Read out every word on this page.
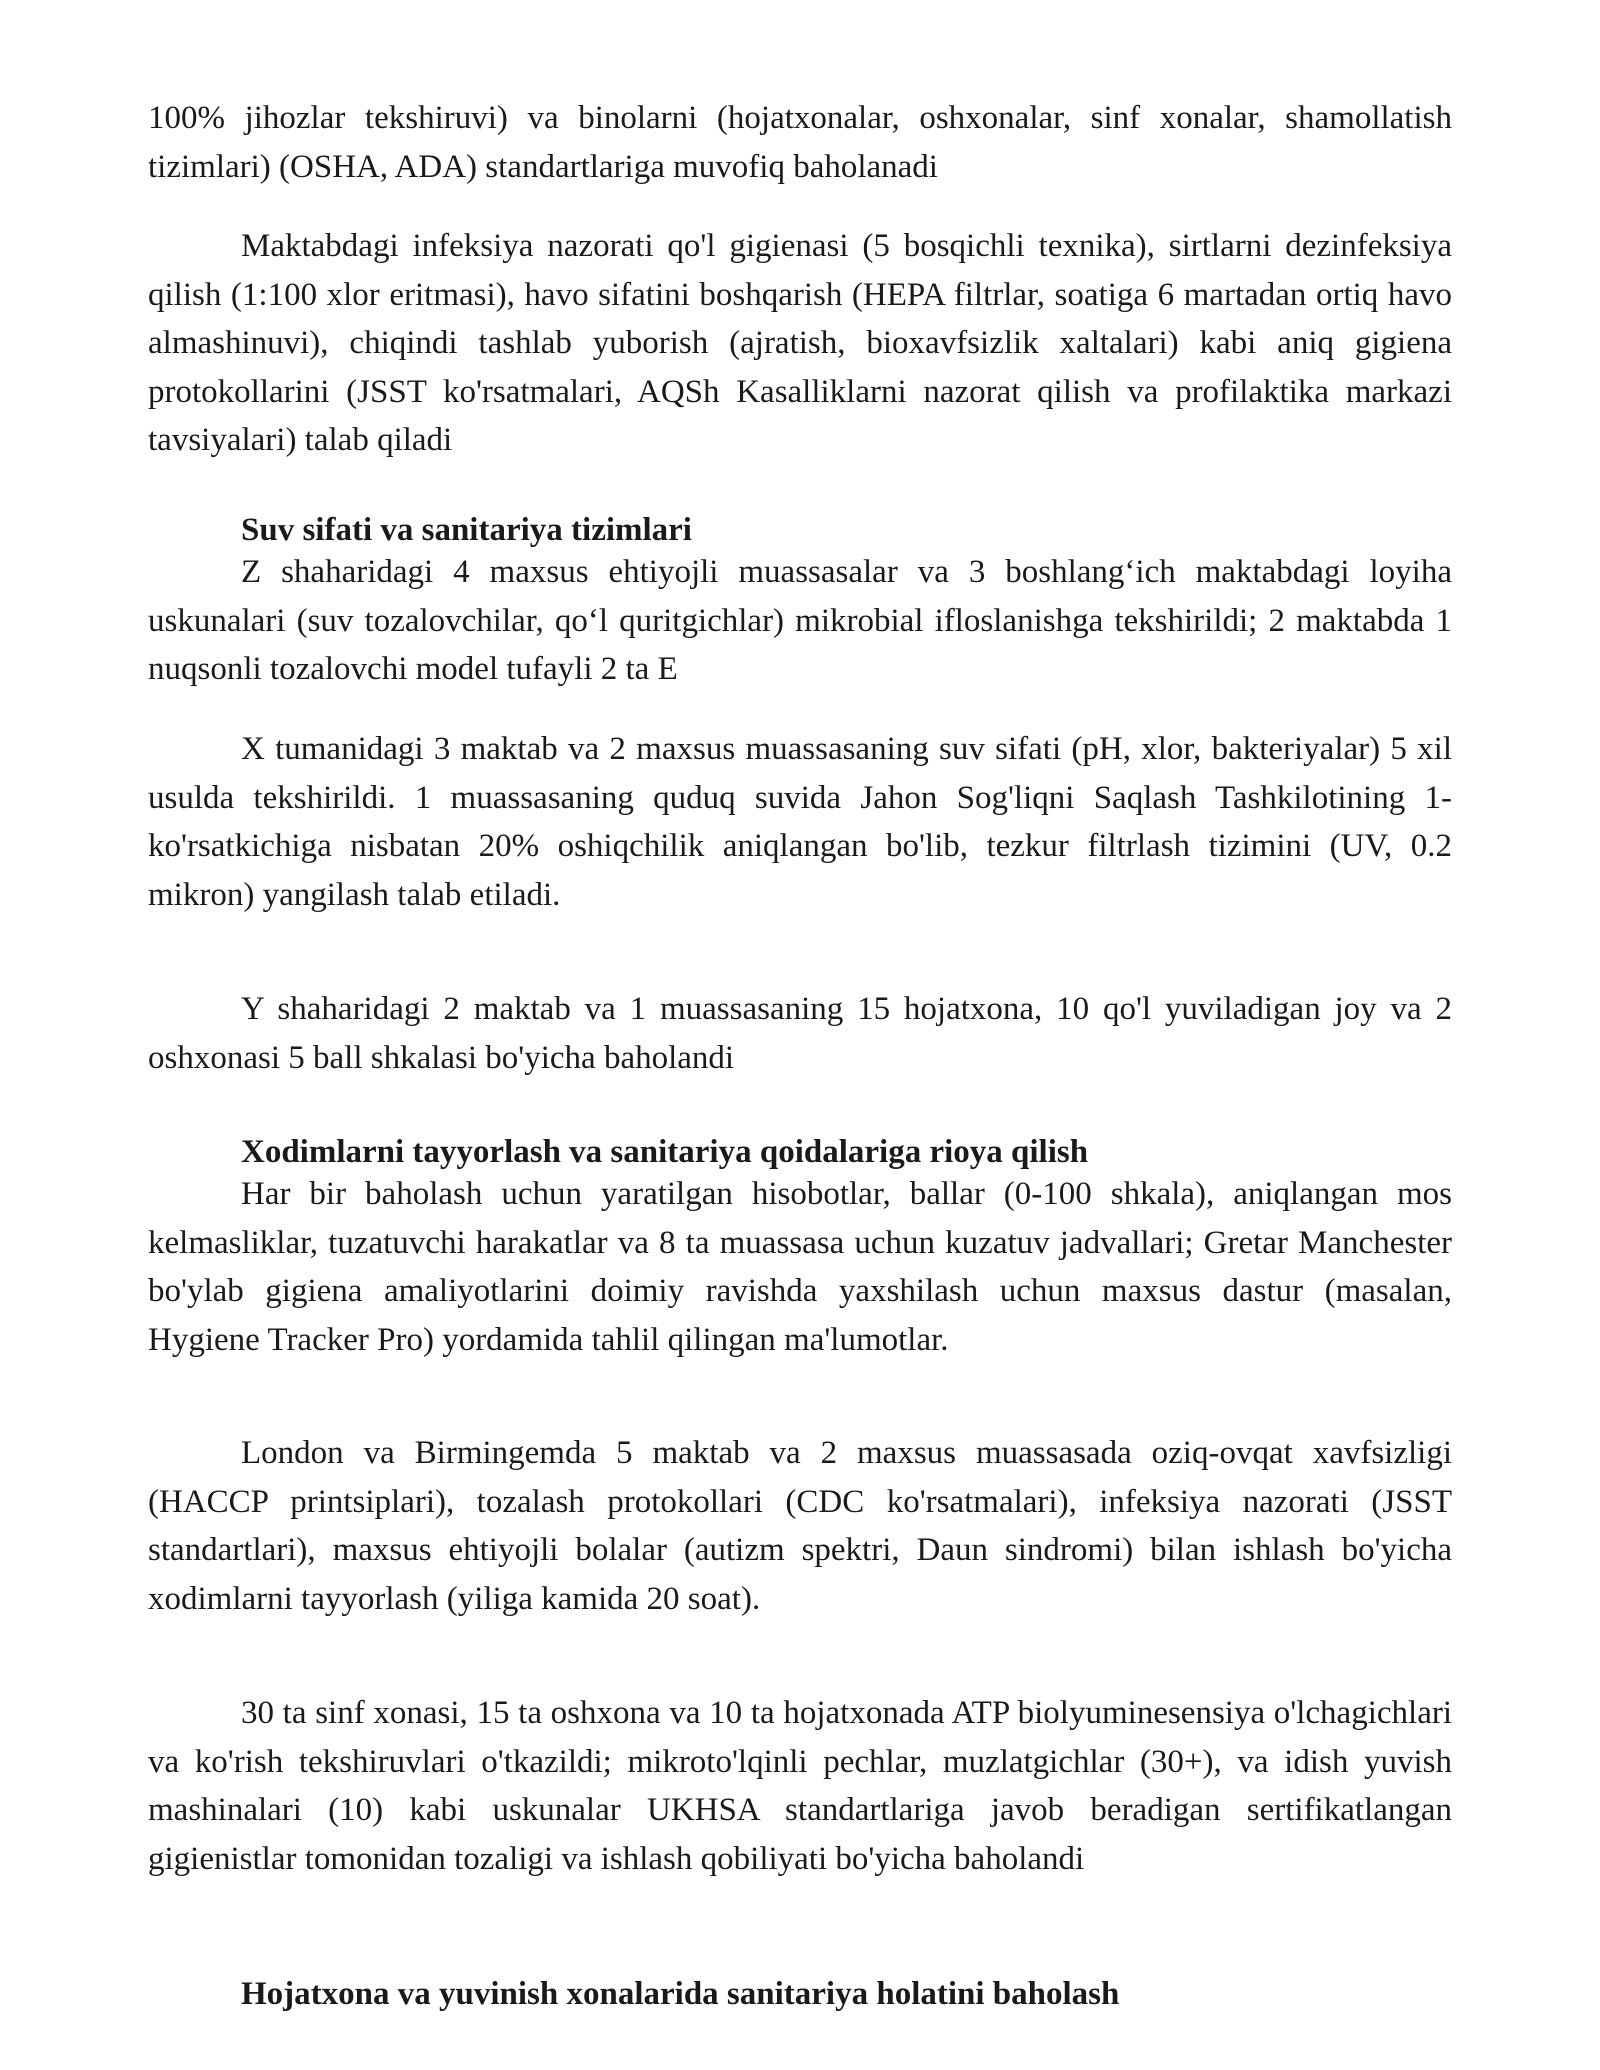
100% jihozlar tekshiruvi) va binolarni (hojatxonalar, oshxonalar, sinf xonalar, shamollatish tizimlari) (OSHA, ADA) standartlariga muvofiq baholanadi

Maktabdagi infeksiya nazorati qo'l gigienasi (5 bosqichli texnika), sirtlarni dezinfeksiya qilish (1:100 xlor eritmasi), havo sifatini boshqarish (HEPA filtrlar, soatiga 6 martadan ortiq havo almashinuvi), chiqindi tashlab yuborish (ajratish, bioxavfsizlik xaltalari) kabi aniq gigiena protokollarini (JSST ko'rsatmalari, AQSh Kasalliklarni nazorat qilish va profilaktika markazi tavsiyalari) talab qiladi

Suv sifati va sanitariya tizimlari

Z shaharidagi 4 maxsus ehtiyojli muassasalar va 3 boshlang‘ich maktabdagi loyiha uskunalari (suv tozalovchilar, qo‘l quritgichlar) mikrobial ifloslanishga tekshirildi; 2 maktabda 1 nuqsonli tozalovchi model tufayli 2 ta E

X tumanidagi 3 maktab va 2 maxsus muassasaning suv sifati (pH, xlor, bakteriyalar) 5 xil usulda tekshirildi. 1 muassasaning quduq suvida Jahon Sog'liqni Saqlash Tashkilotining 1-ko'rsatkichiga nisbatan 20% oshiqchilik aniqlangan bo'lib, tezkur filtrlash tizimini (UV, 0.2 mikron) yangilash talab etiladi.

Y shaharidagi 2 maktab va 1 muassasaning 15 hojatxona, 10 qo'l yuviladigan joy va 2 oshxonasi 5 ball shkalasi bo'yicha baholandi

Xodimlarni tayyorlash va sanitariya qoidalariga rioya qilish

Har bir baholash uchun yaratilgan hisobotlar, ballar (0-100 shkala), aniqlangan mos kelmasliklar, tuzatuvchi harakatlar va 8 ta muassasa uchun kuzatuv jadvallari; Gretar Manchester bo'ylab gigiena amaliyotlarini doimiy ravishda yaxshilash uchun maxsus dastur (masalan, Hygiene Tracker Pro) yordamida tahlil qilingan ma'lumotlar.

London va Birmingemda 5 maktab va 2 maxsus muassasada oziq-ovqat xavfsizligi (HACCP printsiplari), tozalash protokollari (CDC ko'rsatmalari), infeksiya nazorati (JSST standartlari), maxsus ehtiyojli bolalar (autizm spektri, Daun sindromi) bilan ishlash bo'yicha xodimlarni tayyorlash (yiliga kamida 20 soat).

30 ta sinf xonasi, 15 ta oshxona va 10 ta hojatxonada ATP biolyuminesensiya o'lchagichlari va ko'rish tekshiruvlari o'tkazildi; mikroto'lqinli pechlar, muzlatgichlar (30+), va idish yuvish mashinalari (10) kabi uskunalar UKHSA standartlariga javob beradigan sertifikatlangan gigienistlar tomonidan tozaligi va ishlash qobiliyati bo'yicha baholandi

Hojatxona va yuvinish xonalarida sanitariya holatini baholash
